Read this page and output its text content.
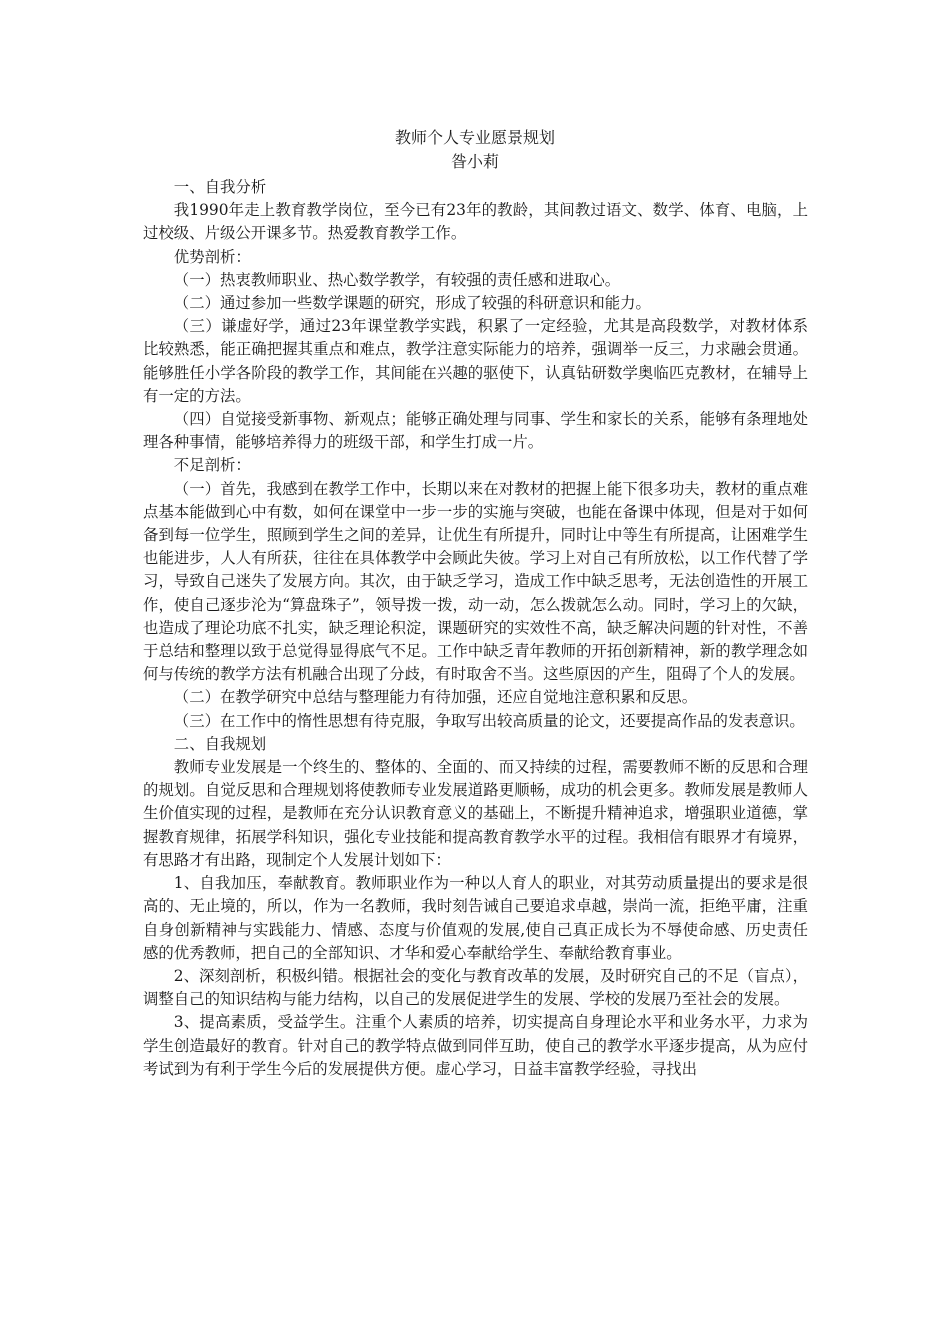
教师个人专业愿景规划
昝小莉

一、自我分析

我1990年走上教育教学岗位，至今已有23年的教龄，其间教过语文、数学、体育、电脑，上过校级、片级公开课多节。热爱教育教学工作。

优势剖析：

（一）热衷教师职业、热心数学教学，有较强的责任感和进取心。

（二）通过参加一些数学课题的研究，形成了较强的科研意识和能力。

（三）谦虚好学，通过23年课堂教学实践，积累了一定经验，尤其是高段数学，对教材体系比较熟悉，能正确把握其重点和难点，教学注意实际能力的培养，强调举一反三，力求融会贯通。能够胜任小学各阶段的教学工作，其间能在兴趣的驱使下，认真钻研数学奥临匹克教材，在辅导上有一定的方法。

（四）自觉接受新事物、新观点；能够正确处理与同事、学生和家长的关系，能够有条理地处理各种事情，能够培养得力的班级干部，和学生打成一片。

不足剖析：

（一）首先，我感到在教学工作中，长期以来在对教材的把握上能下很多功夫，教材的重点难点基本能做到心中有数，如何在课堂中一步一步的实施与突破，也能在备课中体现，但是对于如何备到每一位学生，照顾到学生之间的差异，让优生有所提升，同时让中等生有所提高，让困难学生也能进步，人人有所获，往往在具体教学中会顾此失彼。学习上对自己有所放松，以工作代替了学习，导致自己迷失了发展方向。其次，由于缺乏学习，造成工作中缺乏思考，无法创造性的开展工作，使自己逐步沦为“算盘珠子”，领导拨一拨，动一动，怎么拨就怎么动。同时，学习上的欠缺，也造成了理论功底不扎实，缺乏理论积淀，课题研究的实效性不高，缺乏解决问题的针对性，不善于总结和整理以致于总觉得显得底气不足。工作中缺乏青年教师的开拓创新精神，新的教学理念如何与传统的教学方法有机融合出现了分歧，有时取舍不当。这些原因的产生，阻碍了个人的发展。

（二）在教学研究中总结与整理能力有待加强，还应自觉地注意积累和反思。

（三）在工作中的惰性思想有待克服，争取写出较高质量的论文，还要提高作品的发表意识。

二、自我规划

教师专业发展是一个终生的、整体的、全面的、而又持续的过程，需要教师不断的反思和合理的规划。自觉反思和合理规划将使教师专业发展道路更顺畅，成功的机会更多。教师发展是教师人生价值实现的过程，是教师在充分认识教育意义的基础上，不断提升精神追求，增强职业道德，掌握教育规律，拓展学科知识，强化专业技能和提高教育教学水平的过程。我相信有眼界才有境界，有思路才有出路，现制定个人发展计划如下：

1、自我加压，奉献教育。教师职业作为一种以人育人的职业，对其劳动质量提出的要求是很高的、无止境的，所以，作为一名教师，我时刻告诫自己要追求卓越，崇尚一流，拒绝平庸，注重自身创新精神与实践能力、情感、态度与价值观的发展,使自己真正成长为不辱使命感、历史责任感的优秀教师，把自己的全部知识、才华和爱心奉献给学生、奉献给教育事业。

2、深刻剖析，积极纠错。根据社会的变化与教育改革的发展，及时研究自己的不足（盲点），调整自己的知识结构与能力结构，以自己的发展促进学生的发展、学校的发展乃至社会的发展。

3、提高素质，受益学生。注重个人素质的培养，切实提高自身理论水平和业务水平，力求为学生创造最好的教育。针对自己的教学特点做到同伴互助，使自己的教学水平逐步提高，从为应付考试到为有利于学生今后的发展提供方便。虚心学习，日益丰富教学经验，寻找出
